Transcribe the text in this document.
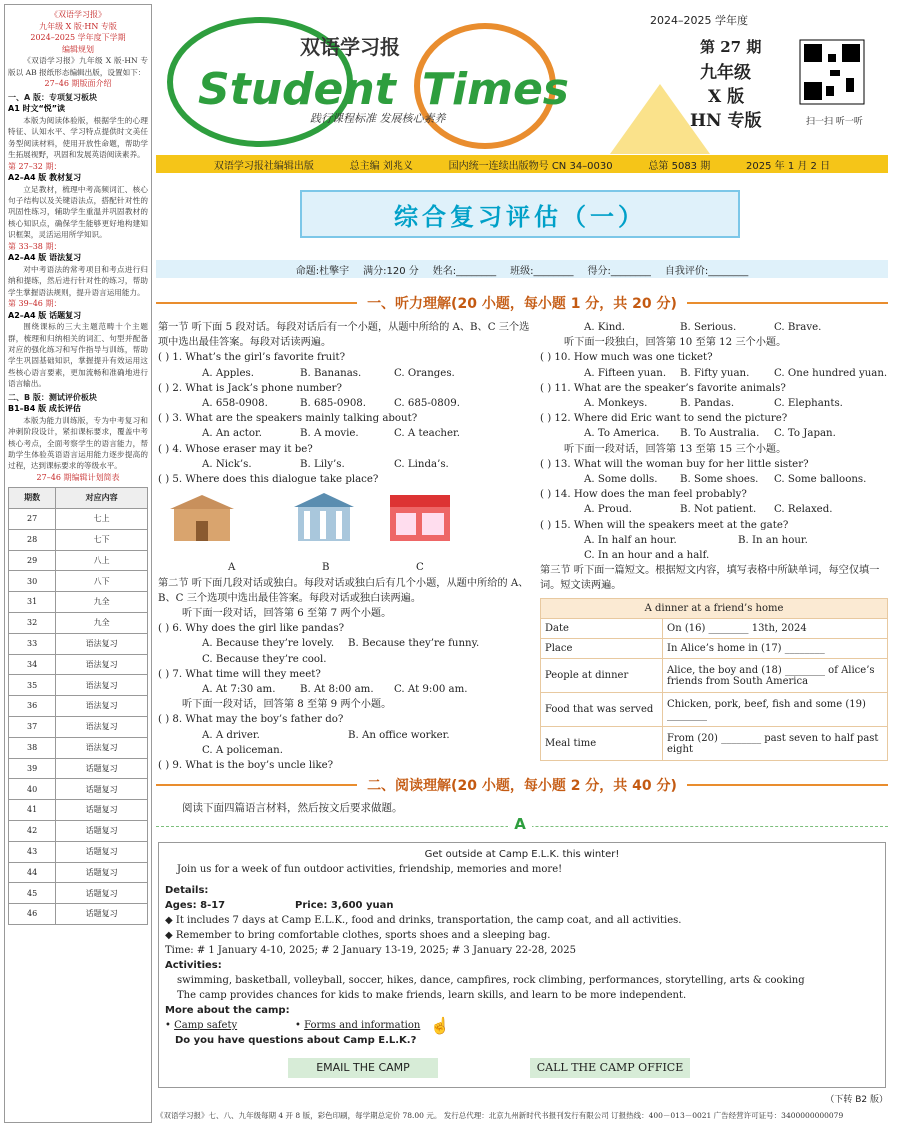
《双语学习报》
九年级 X 版·HN 专版
2024–2025 学年度下学期
编辑规划
《双语学习报》九年级 X 版·HN 专版以 AB 报纸形态编辑出版，设置如下：
27–46 期版面介绍
一、A 版：专项复习板块
A1 时文“悦”读
本版为阅读体验版，根据学生的心理特征、认知水平、学习特点提供时文美任务型阅读材料，使用开放性命题，帮助学生拓展视野，巩固和发展英语阅读素养。
第 27–32 期：
A2–A4 版 教材复习
立足教材，梳理中考高频词汇、核心句子结构以及关键语法点，搭配针对性的巩固性练习，辅助学生重温并巩固教材的核心知识点，确保学生能够更好地构建知识框架，灵活运用所学知识。
第 33–38 期：
A2–A4 版 语法复习
对中考语法的常考项目和考点进行归纳和提练，然后进行针对性的练习，帮助学生掌握语法规则，提升语言运用能力。
第 39–46 期：
A2–A4 版 话题复习
围绕课标的三大主题范畴十个主题群，梳理和归纳相关的词汇、句型并配备对应的强化练习和写作指导与训练，帮助学生巩固基础知识，掌握提升有效运用这些核心语言要素，更加流畅和准确地进行语言输出。
二、B 版：测试评价板块
B1–B4 版 成长评估
本版为能力训练版，专为中考复习和冲刺阶段设计，紧扣课标要求，覆盖中考核心考点，全面考察学生的语言能力，帮助学生体验英语语言运用能力逐步提高的过程，达到课标要求的等级水平。
27–46 期编辑计划简表
期数	对应内容
27	七上
28	七下
29	八上
30	八下
31	九全
32	九全
33	语法复习
34	语法复习
35	语法复习
36	语法复习
37	语法复习
38	语法复习
39	话题复习
40	话题复习
41	话题复习
42	话题复习
43	话题复习
44	话题复习
45	话题复习
46	话题复习
双语学习报
Student Times
践行课程标准 发展核心素养
2024–2025 学年度
第 27 期
九年级
X 版
HN 专版	扫一扫 听一听
双语学习报社编辑出版	总主编 刘兆义	国内统一连续出版物号 CN 34–0030	总第 5083 期	2025 年 1 月 2 日
综合复习评估（一）
命题:杜擎宇 满分:120 分 姓名:________ 班级:________ 得分:________ 自我评价:________
一、听力理解(20 小题，每小题 1 分，共 20 分)
第一节 听下面 5 段对话。每段对话后有一个小题，从题中所给的 A、B、C 三个选项中选出最佳答案。每段对话读两遍。
( ) 1. What’s the girl’s favorite fruit?
A. Apples.	B. Bananas.	C. Oranges.
( ) 2. What is Jack’s phone number?
A. 658-0908.	B. 685-0908.	C. 685-0809.
( ) 3. What are the speakers mainly talking about?
A. An actor.	B. A movie.	C. A teacher.
( ) 4. Whose eraser may it be?
A. Nick’s.	B. Lily’s.	C. Linda’s.
( ) 5. Where does this dialogue take place?
A	B	C
第二节 听下面几段对话或独白。每段对话或独白后有几个小题，从题中所给的 A、B、C 三个选项中选出最佳答案。每段对话或独白读两遍。
听下面一段对话，回答第 6 至第 7 两个小题。
( ) 6. Why does the girl like pandas?
A. Because they’re lovely.	B. Because they’re funny.
C. Because they’re cool.
( ) 7. What time will they meet?
A. At 7:30 am.	B. At 8:00 am.	C. At 9:00 am.
听下面一段对话，回答第 8 至第 9 两个小题。
( ) 8. What may the boy’s father do?
A. A driver.	B. An office worker.
C. A policeman.
( ) 9. What is the boy’s uncle like?
A. Kind.	B. Serious.	C. Brave.
听下面一段独白，回答第 10 至第 12 三个小题。
( ) 10. How much was one ticket?
A. Fifteen yuan.	B. Fifty yuan.	C. One hundred yuan.
( ) 11. What are the speaker’s favorite animals?
A. Monkeys.	B. Pandas.	C. Elephants.
( ) 12. Where did Eric want to send the picture?
A. To America.	B. To Australia.	C. To Japan.
听下面一段对话，回答第 13 至第 15 三个小题。
( ) 13. What will the woman buy for her little sister?
A. Some dolls.	B. Some shoes.	C. Some balloons.
( ) 14. How does the man feel probably?
A. Proud.	B. Not patient.	C. Relaxed.
( ) 15. When will the speakers meet at the gate?
A. In half an hour.	B. In an hour.
C. In an hour and a half.
第三节 听下面一篇短文。根据短文内容，填写表格中所缺单词，每空仅填一词。短文读两遍。
A dinner at a friend’s home	
Date	On (16) ________ 13th, 2024
Place	In Alice’s home in (17) ________
People at dinner	Alice, the boy and (18) ________ of Alice’s friends from South America
Food that was served	Chicken, pork, beef, fish and some (19) ________
Meal time	From (20) ________ past seven to half past eight
二、阅读理解(20 小题，每小题 2 分，共 40 分)
阅读下面四篇语言材料，然后按文后要求做题。
A
Get outside at Camp E.L.K. this winter!
Join us for a week of fun outdoor activities, friendship, memories and more!
Details:
Ages: 8-17	Price: 3,600 yuan
◆ It includes 7 days at Camp E.L.K., food and drinks, transportation, the camp coat, and all activities.
◆ Remember to bring comfortable clothes, sports shoes and a sleeping bag.
Time: # 1 January 4-10, 2025; # 2 January 13-19, 2025; # 3 January 22-28, 2025
Activities:
swimming, basketball, volleyball, soccer, hikes, dance, campfires, rock climbing, performances, storytelling, arts & cooking
The camp provides chances for kids to make friends, learn skills, and learn to be more independent.
More about the camp:
• Camp safety	• Forms and information ☝
Do you have questions about Camp E.L.K.?
EMAIL THE CAMP	CALL THE CAMP OFFICE
（下转 B2 版）
《双语学习报》七、八、九年级每期 4 开 8 版，彩色印刷，每学期总定价 78.00 元。 发行总代理：北京九州新时代书报刊发行有限公司 订报热线：400－013－0021 广告经营许可证号：3400000000079
